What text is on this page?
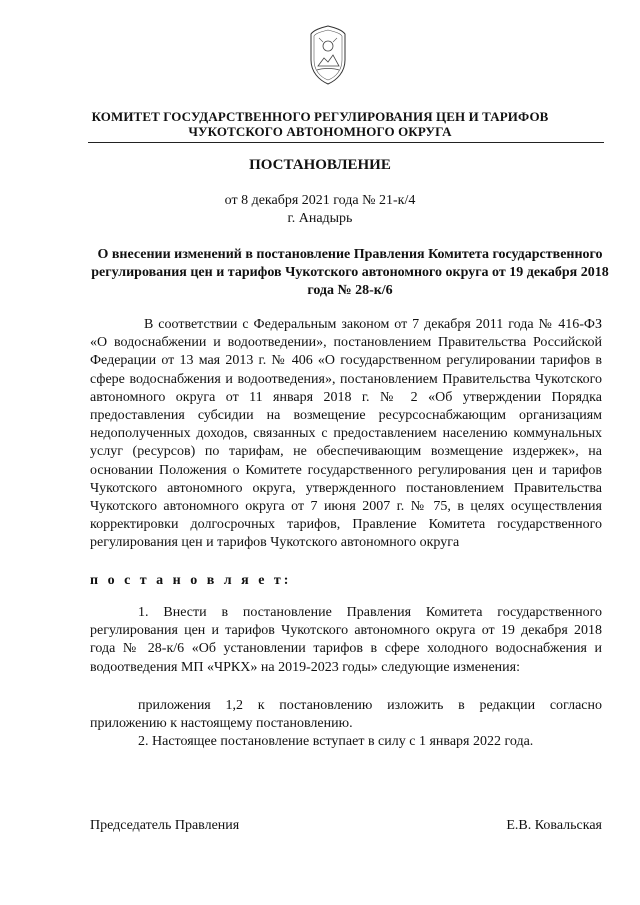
КОМИТЕТ ГОСУДАРСТВЕННОГО РЕГУЛИРОВАНИЯ ЦЕН И ТАРИФОВ
ЧУКОТСКОГО АВТОНОМНОГО ОКРУГА
ПОСТАНОВЛЕНИЕ
от 8 декабря 2021 года № 21-к/4
г. Анадырь
О внесении изменений в постановление Правления Комитета государственного регулирования цен и тарифов Чукотского автономного округа от 19 декабря 2018 года № 28-к/6
В соответствии с Федеральным законом от 7 декабря 2011 года № 416-ФЗ «О водоснабжении и водоотведении», постановлением Правительства Российской Федерации от 13 мая 2013 г. № 406 «О государственном регулировании тарифов в сфере водоснабжения и водоотведения», постановлением Правительства Чукотского автономного округа от 11 января 2018 г. № 2 «Об утверждении Порядка предоставления субсидии на возмещение ресурсоснабжающим организациям недополученных доходов, связанных с предоставлением населению коммунальных услуг (ресурсов) по тарифам, не обеспечивающим возмещение издержек», на основании Положения о Комитете государственного регулирования цен и тарифов Чукотского автономного округа, утвержденного постановлением Правительства Чукотского автономного округа от 7 июня 2007 г. № 75, в целях осуществления корректировки долгосрочных тарифов, Правление Комитета государственного регулирования цен и тарифов Чукотского автономного округа
п о с т а н о в л я е т:
1. Внести в постановление Правления Комитета государственного регулирования цен и тарифов Чукотского автономного округа от 19 декабря 2018 года № 28-к/6 «Об установлении тарифов в сфере холодного водоснабжения и водоотведения МП «ЧРКХ» на 2019-2023 годы» следующие изменения:
приложения 1,2 к постановлению изложить в редакции согласно приложению к настоящему постановлению.
2. Настоящее постановление вступает в силу с 1 января 2022 года.
Председатель Правления	Е.В. Ковальская
